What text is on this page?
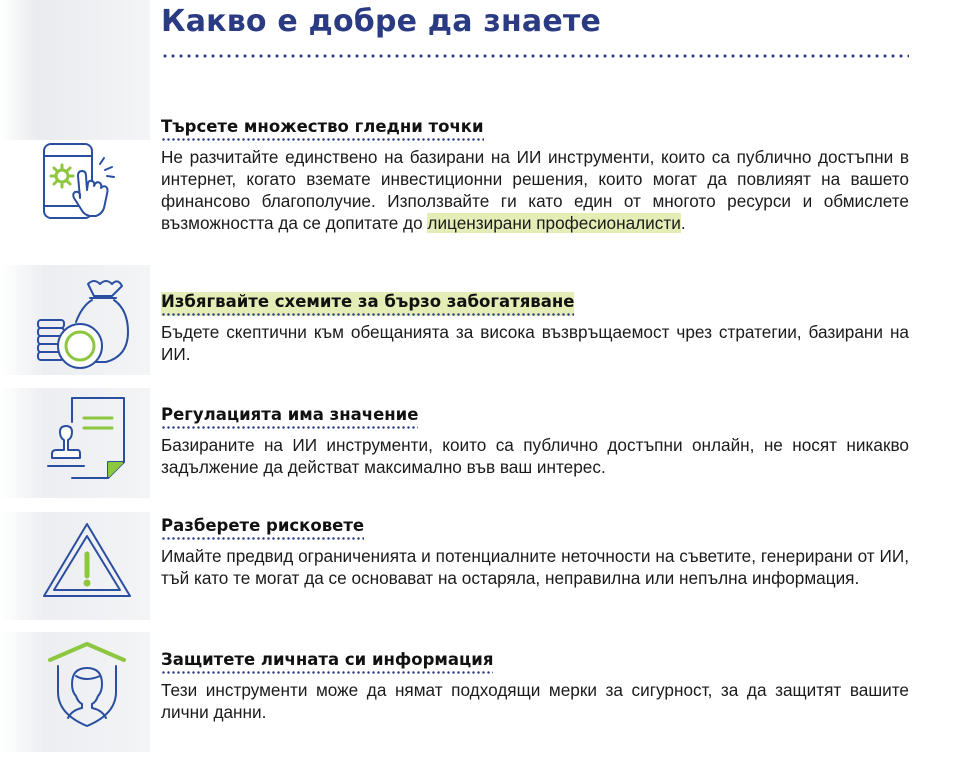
Какво е добре да знаете
Търсете множество гледни точки

Не разчитайте единствено на базирани на ИИ инструменти, които са публично достъпни в интернет, когато вземате инвестиционни решения, които могат да повлияят на вашето финансово благополучие. Използвайте ги като един от многото ресурси и обмислете възможността да се допитате до лицензирани професионалисти.

Избягвайте схемите за бързо забогатяване

Бъдете скептични към обещанията за висока възвръщаемост чрез стратегии, базирани на ИИ.

Регулацията има значение

Базираните на ИИ инструменти, които са публично достъпни онлайн, не носят никакво задължение да действат максимално във ваш интерес.

Разберете рисковете

Имайте предвид ограниченията и потенциалните неточности на съветите, генерирани от ИИ, тъй като те могат да се основават на остаряла, неправилна или непълна информация.

Защитете личната си информация

Тези инструменти може да нямат подходящи мерки за сигурност, за да защитят вашите лични данни.
